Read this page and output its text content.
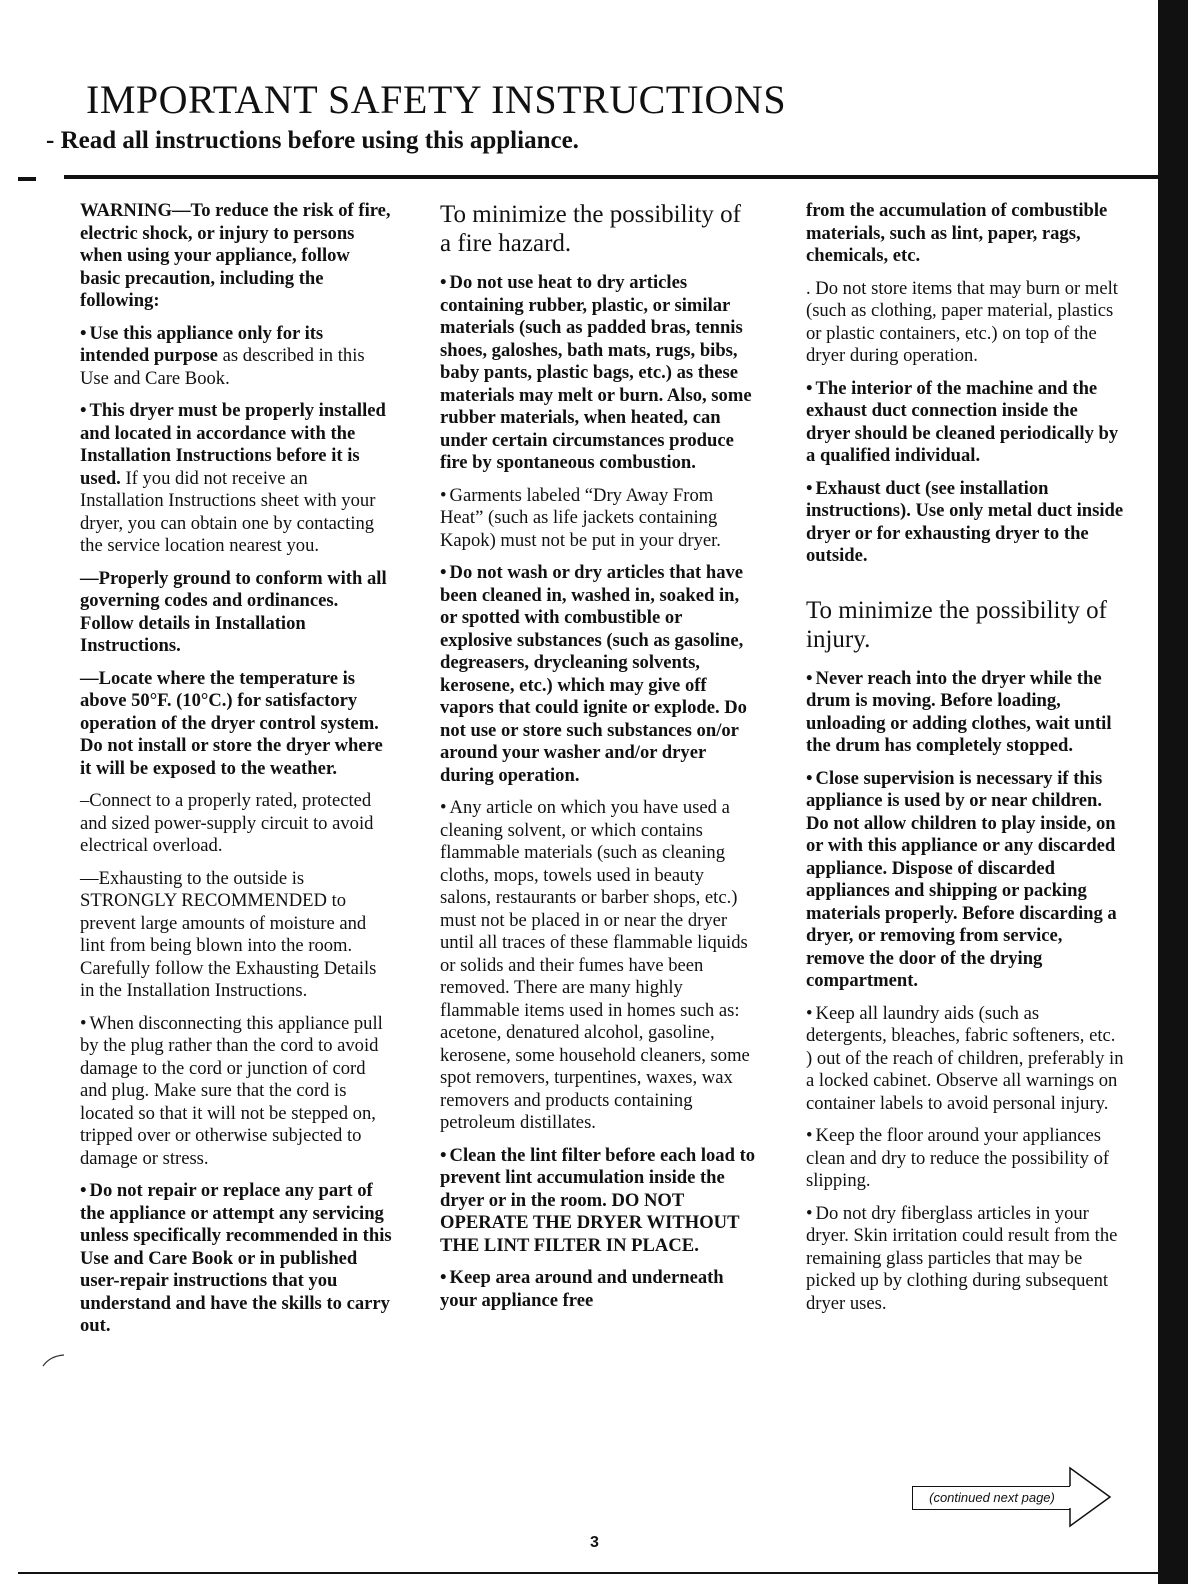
IMPORTANT SAFETY INSTRUCTIONS
- Read all instructions before using this appliance.

WARNING—To reduce the risk of fire, electric shock, or injury to persons when using your appliance, follow basic precaution, including the following:

• Use this appliance only for its intended purpose as described in this Use and Care Book.

• This dryer must be properly installed and located in accordance with the Installation Instructions before it is used. If you did not receive an Installation Instructions sheet with your dryer, you can obtain one by contacting the service location nearest you.

—Properly ground to conform with all governing codes and ordinances. Follow details in Installation Instructions.

—Locate where the temperature is above 50°F. (10°C.) for satisfactory operation of the dryer control system. Do not install or store the dryer where it will be exposed to the weather.

–Connect to a properly rated, protected and sized power-supply circuit to avoid electrical overload.

—Exhausting to the outside is STRONGLY RECOMMENDED to prevent large amounts of moisture and lint from being blown into the room. Carefully follow the Exhausting Details in the Installation Instructions.

• When disconnecting this appliance pull by the plug rather than the cord to avoid damage to the cord or junction of cord and plug. Make sure that the cord is located so that it will not be stepped on, tripped over or otherwise subjected to damage or stress.

• Do not repair or replace any part of the appliance or attempt any servicing unless specifically recommended in this Use and Care Book or in published user-repair instructions that you understand and have the skills to carry out.

To minimize the possibility of a fire hazard.

• Do not use heat to dry articles containing rubber, plastic, or similar materials (such as padded bras, tennis shoes, galoshes, bath mats, rugs, bibs, baby pants, plastic bags, etc.) as these materials may melt or burn. Also, some rubber materials, when heated, can under certain circumstances produce fire by spontaneous combustion.

• Garments labeled “Dry Away From Heat” (such as life jackets containing Kapok) must not be put in your dryer.

• Do not wash or dry articles that have been cleaned in, washed in, soaked in, or spotted with combustible or explosive substances (such as gasoline, degreasers, drycleaning solvents, kerosene, etc.) which may give off vapors that could ignite or explode. Do not use or store such substances on/or around your washer and/or dryer during operation.

• Any article on which you have used a cleaning solvent, or which contains flammable materials (such as cleaning cloths, mops, towels used in beauty salons, restaurants or barber shops, etc.) must not be placed in or near the dryer until all traces of these flammable liquids or solids and their fumes have been removed. There are many highly flammable items used in homes such as: acetone, denatured alcohol, gasoline, kerosene, some household cleaners, some spot removers, turpentines, waxes, wax removers and products containing petroleum distillates.

• Clean the lint filter before each load to prevent lint accumulation inside the dryer or in the room. DO NOT OPERATE THE DRYER WITHOUT THE LINT FILTER IN PLACE.

• Keep area around and underneath your appliance free

from the accumulation of combustible materials, such as lint, paper, rags, chemicals, etc.

. Do not store items that may burn or melt (such as clothing, paper material, plastics or plastic containers, etc.) on top of the dryer during operation.

• The interior of the machine and the exhaust duct connection inside the dryer should be cleaned periodically by a qualified individual.

• Exhaust duct (see installation instructions). Use only metal duct inside dryer or for exhausting dryer to the outside.

To minimize the possibility of injury.

• Never reach into the dryer while the drum is moving. Before loading, unloading or adding clothes, wait until the drum has completely stopped.

• Close supervision is necessary if this appliance is used by or near children. Do not allow children to play inside, on or with this appliance or any discarded appliance. Dispose of discarded appliances and shipping or packing materials properly. Before discarding a dryer, or removing from service, remove the door of the drying compartment.

• Keep all laundry aids (such as detergents, bleaches, fabric softeners, etc. ) out of the reach of children, preferably in a locked cabinet. Observe all warnings on container labels to avoid personal injury.

• Keep the floor around your appliances clean and dry to reduce the possibility of slipping.

• Do not dry fiberglass articles in your dryer. Skin irritation could result from the remaining glass particles that may be picked up by clothing during subsequent dryer uses.

(continued next page)
3
